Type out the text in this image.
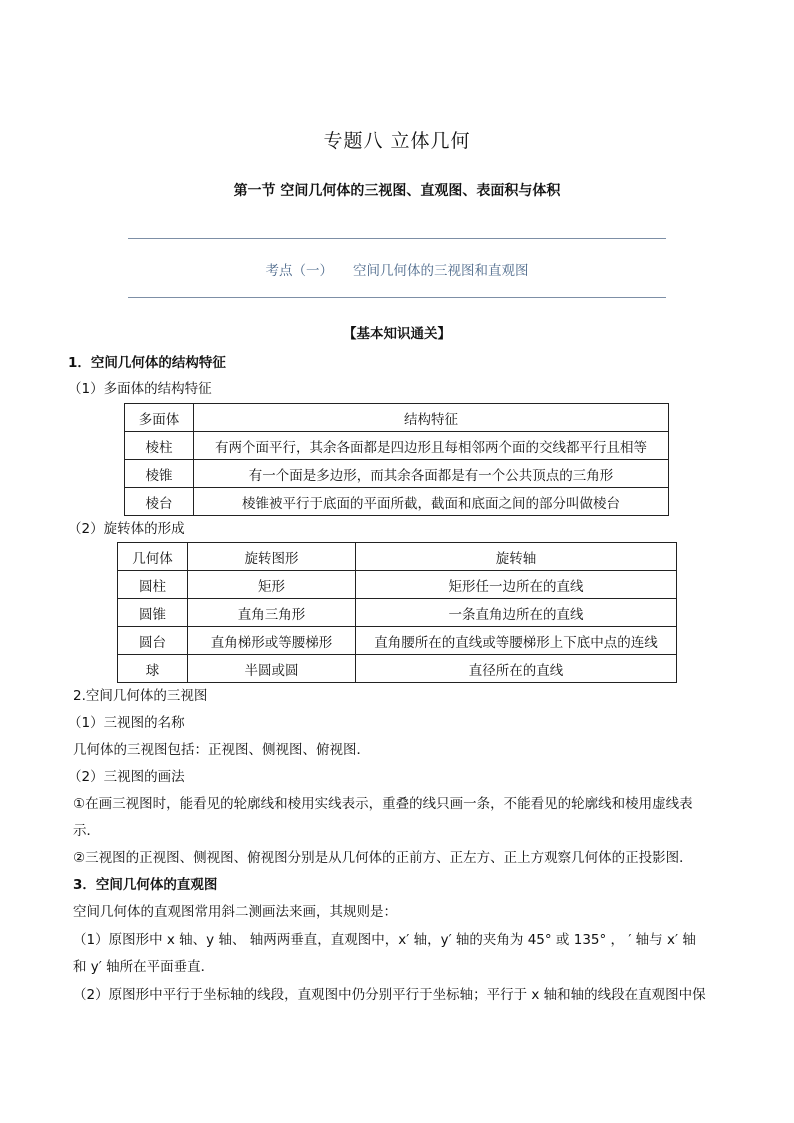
专题八 立体几何
第一节 空间几何体的三视图、直观图、表面积与体积
考点（一） 空间几何体的三视图和直观图
【基本知识通关】
1．空间几何体的结构特征
（1）多面体的结构特征
多面体	结构特征
棱柱	有两个面平行，其余各面都是四边形且每相邻两个面的交线都平行且相等
棱锥	有一个面是多边形，而其余各面都是有一个公共顶点的三角形
棱台	棱锥被平行于底面的平面所截，截面和底面之间的部分叫做棱台
（2）旋转体的形成
几何体	旋转图形	旋转轴
圆柱	矩形	矩形任一边所在的直线
圆锥	直角三角形	一条直角边所在的直线
圆台	直角梯形或等腰梯形	直角腰所在的直线或等腰梯形上下底中点的连线
球	半圆或圆	直径所在的直线
2.空间几何体的三视图
（1）三视图的名称
几何体的三视图包括：正视图、侧视图、俯视图．
（2）三视图的画法
①在画三视图时，能看见的轮廓线和棱用实线表示，重叠的线只画一条，不能看见的轮廓线和棱用虚线表
示．
②三视图的正视图、侧视图、俯视图分别是从几何体的正前方、正左方、正上方观察几何体的正投影图．
3．空间几何体的直观图
空间几何体的直观图常用斜二测画法来画，其规则是：
（1）原图形中 x 轴、y 轴、 轴两两垂直，直观图中，x′ 轴，y′ 轴的夹角为 45° 或 135° ， ′ 轴与 x′ 轴
和 y′ 轴所在平面垂直．
（2）原图形中平行于坐标轴的线段，直观图中仍分别平行于坐标轴；平行于 x 轴和轴的线段在直观图中保
